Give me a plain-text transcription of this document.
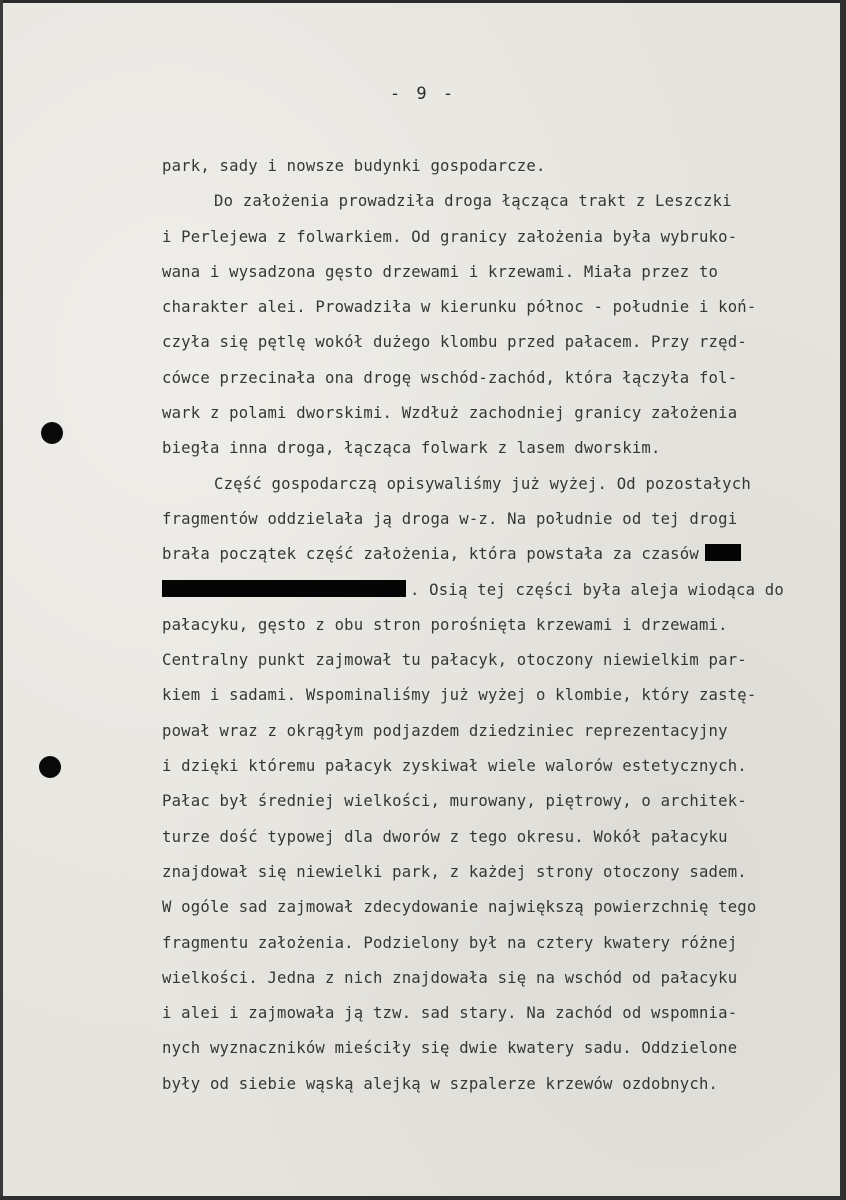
- 9 -
park, sady i nowsze budynki gospodarcze.
Do założenia prowadziła droga łącząca trakt z Leszczki
i Perlejewa z folwarkiem. Od granicy założenia była wybruko-
wana i wysadzona gęsto drzewami i krzewami. Miała przez to
charakter alei. Prowadziła w kierunku północ - południe i koń-
czyła się pętlę wokół dużego klombu przed pałacem. Przy rzęd-
cówce przecinała ona drogę wschód-zachód, która łączyła fol-
wark z polami dworskimi. Wzdłuż zachodniej granicy założenia
biegła inna droga, łącząca folwark z lasem dworskim.
Część gospodarczą opisywaliśmy już wyżej. Od pozostałych
fragmentów oddzielała ją droga w-z. Na południe od tej drogi
brała początek część założenia, która powstała za czasów
. Osią tej części była aleja wiodąca do
pałacyku, gęsto z obu stron porośnięta krzewami i drzewami.
Centralny punkt zajmował tu pałacyk, otoczony niewielkim par-
kiem i sadami. Wspominaliśmy już wyżej o klombie, który zastę-
pował wraz z okrągłym podjazdem dziedziniec reprezentacyjny
i dzięki któremu pałacyk zyskiwał wiele walorów estetycznych.
Pałac był średniej wielkości, murowany, piętrowy, o architek-
turze dość typowej dla dworów z tego okresu. Wokół pałacyku
znajdował się niewielki park, z każdej strony otoczony sadem.
W ogóle sad zajmował zdecydowanie największą powierzchnię tego
fragmentu założenia. Podzielony był na cztery kwatery różnej
wielkości. Jedna z nich znajdowała się na wschód od pałacyku
i alei i zajmowała ją tzw. sad stary. Na zachód od wspomnia-
nych wyznaczników mieściły się dwie kwatery sadu. Oddzielone
były od siebie wąską alejką w szpalerze krzewów ozdobnych.
